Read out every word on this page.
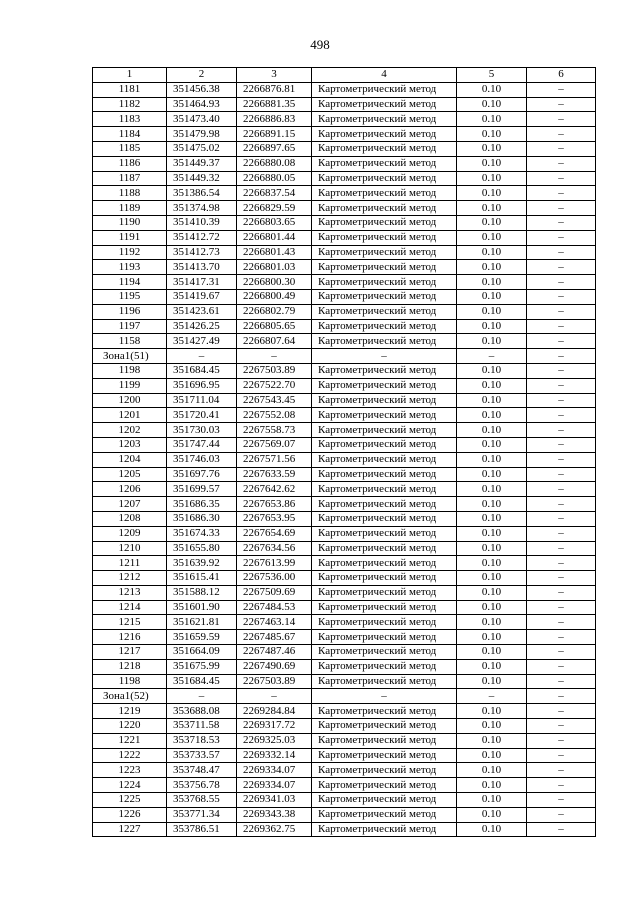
498
1	2	3	4	5	6
1181	351456.38	2266876.81	Картометрический метод	0.10	–
1182	351464.93	2266881.35	Картометрический метод	0.10	–
1183	351473.40	2266886.83	Картометрический метод	0.10	–
1184	351479.98	2266891.15	Картометрический метод	0.10	–
1185	351475.02	2266897.65	Картометрический метод	0.10	–
1186	351449.37	2266880.08	Картометрический метод	0.10	–
1187	351449.32	2266880.05	Картометрический метод	0.10	–
1188	351386.54	2266837.54	Картометрический метод	0.10	–
1189	351374.98	2266829.59	Картометрический метод	0.10	–
1190	351410.39	2266803.65	Картометрический метод	0.10	–
1191	351412.72	2266801.44	Картометрический метод	0.10	–
1192	351412.73	2266801.43	Картометрический метод	0.10	–
1193	351413.70	2266801.03	Картометрический метод	0.10	–
1194	351417.31	2266800.30	Картометрический метод	0.10	–
1195	351419.67	2266800.49	Картометрический метод	0.10	–
1196	351423.61	2266802.79	Картометрический метод	0.10	–
1197	351426.25	2266805.65	Картометрический метод	0.10	–
1158	351427.49	2266807.64	Картометрический метод	0.10	–
Зона1(51)	–	–	–	–	–
1198	351684.45	2267503.89	Картометрический метод	0.10	–
1199	351696.95	2267522.70	Картометрический метод	0.10	–
1200	351711.04	2267543.45	Картометрический метод	0.10	–
1201	351720.41	2267552.08	Картометрический метод	0.10	–
1202	351730.03	2267558.73	Картометрический метод	0.10	–
1203	351747.44	2267569.07	Картометрический метод	0.10	–
1204	351746.03	2267571.56	Картометрический метод	0.10	–
1205	351697.76	2267633.59	Картометрический метод	0.10	–
1206	351699.57	2267642.62	Картометрический метод	0.10	–
1207	351686.35	2267653.86	Картометрический метод	0.10	–
1208	351686.30	2267653.95	Картометрический метод	0.10	–
1209	351674.33	2267654.69	Картометрический метод	0.10	–
1210	351655.80	2267634.56	Картометрический метод	0.10	–
1211	351639.92	2267613.99	Картометрический метод	0.10	–
1212	351615.41	2267536.00	Картометрический метод	0.10	–
1213	351588.12	2267509.69	Картометрический метод	0.10	–
1214	351601.90	2267484.53	Картометрический метод	0.10	–
1215	351621.81	2267463.14	Картометрический метод	0.10	–
1216	351659.59	2267485.67	Картометрический метод	0.10	–
1217	351664.09	2267487.46	Картометрический метод	0.10	–
1218	351675.99	2267490.69	Картометрический метод	0.10	–
1198	351684.45	2267503.89	Картометрический метод	0.10	–
Зона1(52)	–	–	–	–	–
1219	353688.08	2269284.84	Картометрический метод	0.10	–
1220	353711.58	2269317.72	Картометрический метод	0.10	–
1221	353718.53	2269325.03	Картометрический метод	0.10	–
1222	353733.57	2269332.14	Картометрический метод	0.10	–
1223	353748.47	2269334.07	Картометрический метод	0.10	–
1224	353756.78	2269334.07	Картометрический метод	0.10	–
1225	353768.55	2269341.03	Картометрический метод	0.10	–
1226	353771.34	2269343.38	Картометрический метод	0.10	–
1227	353786.51	2269362.75	Картометрический метод	0.10	–
